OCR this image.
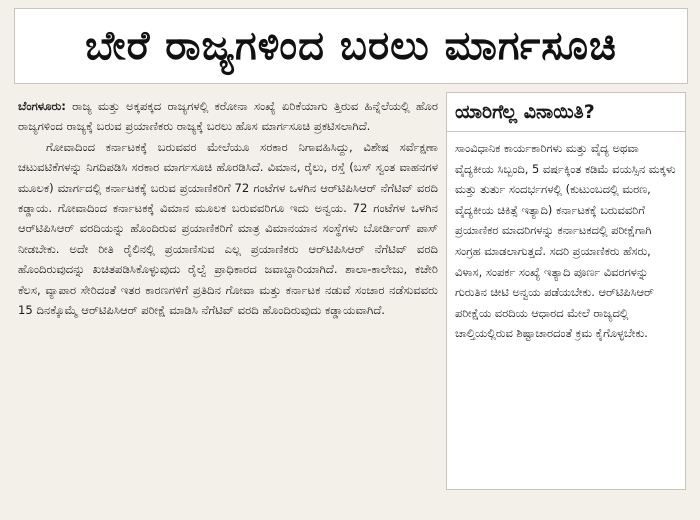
ಬೇರೆ ರಾಜ್ಯಗಳಿಂದ ಬರಲು ಮಾರ್ಗಸೂಚಿ

ಬೆಂಗಳೂರು: ರಾಜ್ಯ ಮತ್ತು ಅಕ್ಕಪಕ್ಕದ ರಾಜ್ಯಗಳಲ್ಲಿ ಕರೋನಾ ಸಂಖ್ಯೆ ಏರಿಕೆಯಾಗು ತ್ತಿರುವ ಹಿನ್ನೆಲೆಯಲ್ಲಿ ಹೊರ ರಾಜ್ಯಗಳಿಂದ ರಾಜ್ಯಕ್ಕೆ ಬರುವ ಪ್ರಯಾಣಿಕರು ರಾಜ್ಯಕ್ಕೆ ಬರಲು ಹೊಸ ಮಾರ್ಗಸೂಚಿ ಪ್ರಕಟಿಸಲಾಗಿದೆ.

ಗೋವಾದಿಂದ ಕರ್ನಾಟಕಕ್ಕೆ ಬರುವವರ ಮೇಲೆಯೂ ಸರಕಾರ ನಿಗಾವಹಿಸಿದ್ದು, ವಿಶೇಷ ಸರ್ವೆಕ್ಷಣಾ ಚಟುವಟಿಕೆಗಳನ್ನು ನಿಗದಿಪಡಿಸಿ ಸರಕಾರ ಮಾರ್ಗಸೂಚಿ ಹೊರಡಿಸಿದೆ. ವಿಮಾನ, ರೈಲು, ರಸ್ತೆ (ಬಸ್ ಸ್ವಂತ ವಾಹನಗಳ ಮೂಲಕ) ಮಾರ್ಗದಲ್ಲಿ ಕರ್ನಾಟಕಕ್ಕೆ ಬರುವ ಪ್ರಯಾಣಿಕರಿಗೆ 72 ಗಂಟೆಗಳ ಒಳಗಿನ ಆರ್‌ಟಿಪಿಸಿಆರ್ ನೆಗೆಟಿವ್ ವರದಿ ಕಡ್ಡಾಯ. ಗೋವಾದಿಂದ ಕರ್ನಾಟಕಕ್ಕೆ ವಿಮಾನ ಮೂಲಕ ಬರುವವರಿಗೂ ಇದು ಅನ್ವಯ. 72 ಗಂಟೆಗಳ ಒಳಗಿನ ಆರ್‌ಟಿಪಿಸಿಆರ್ ವರದಿಯನ್ನು ಹೊಂದಿರುವ ಪ್ರಯಾಣಿಕರಿಗೆ ಮಾತ್ರ ವಿಮಾನಯಾನ ಸಂಸ್ಥೆಗಳು ಬೋರ್ಡಿಂಗ್ ಪಾಸ್ ನೀಡಬೇಕು. ಅದೇ ರೀತಿ ರೈಲಿನಲ್ಲಿ ಪ್ರಯಾಣಿಸುವ ಎಲ್ಲ ಪ್ರಯಾಣಿಕರು ಆರ್‌ಟಿಪಿಸಿಆರ್ ನೆಗೆಟಿವ್ ವರದಿ ಹೊಂದಿರುವುದನ್ನು ಖಚಿತಪಡಿಸಿಕೊಳ್ಳುವುದು ರೈಲ್ವೆ ಪ್ರಾಧಿಕಾರದ ಜವಾಬ್ದಾರಿಯಾಗಿದೆ. ಶಾಲಾ-ಕಾಲೇಜು, ಕಚೇರಿ ಕೆಲಸ, ವ್ಯಾಪಾರ ಸೇರಿದಂತೆ ಇತರ ಕಾರಣಗಳಿಗೆ ಪ್ರತಿದಿನ ಗೋವಾ ಮತ್ತು ಕರ್ನಾಟಕ ನಡುವೆ ಸಂಚಾರ ನಡೆಸುವವರು 15 ದಿನಕ್ಕೊಮ್ಮೆ ಆರ್‌ಟಿಪಿಸಿಆರ್ ಪರೀಕ್ಷೆ ಮಾಡಿಸಿ ನೆಗೆಟಿವ್ ವರದಿ ಹೊಂದಿರುವುದು ಕಡ್ಡಾಯವಾಗಿದೆ.

ಯಾರಿಗೆಲ್ಲ ವಿನಾಯಿತಿ?
ಸಾಂವಿಧಾನಿಕ ಕಾರ್ಯಕಾರಿಗಳು ಮತ್ತು ವೈದ್ಯ ಅಥವಾ ವೈದ್ಯಕೀಯ ಸಿಬ್ಬಂದಿ, 5 ವರ್ಷಕ್ಕಿಂತ ಕಡಿಮೆ ವಯಸ್ಸಿನ ಮಕ್ಕಳು ಮತ್ತು ತುರ್ತು ಸಂದರ್ಭಗಳಲ್ಲಿ (ಕುಟುಂಬದಲ್ಲಿ ಮರಣ, ವೈದ್ಯಕೀಯ ಚಿಕಿತ್ಸೆ ಇತ್ಯಾದಿ) ಕರ್ನಾಟಕಕ್ಕೆ ಬರುವವರಿಗೆ ಪ್ರಯಾಣಿಕರ ಮಾದರಿಗಳನ್ನು ಕರ್ನಾಟಕದಲ್ಲಿ ಪರೀಕ್ಷೆಗಾಗಿ ಸಂಗ್ರಹ ಮಾಡಲಾಗುತ್ತದೆ. ಸದರಿ ಪ್ರಯಾಣಿಕರು ಹೆಸರು, ವಿಳಾಸ, ಸಂಪರ್ಕ ಸಂಖ್ಯೆ ಇತ್ಯಾದಿ ಪೂರ್ಣ ವಿವರಗಳನ್ನು ಗುರುತಿನ ಚೀಟಿ ಅನ್ವಯ ಪಡೆಯಬೇಕು. ಆರ್‌ಟಿಪಿಸಿಆರ್ ಪರೀಕ್ಷೆಯ ವರದಿಯ ಆಧಾರದ ಮೇಲೆ ರಾಜ್ಯದಲ್ಲಿ ಚಾಲ್ತಿಯಲ್ಲಿರುವ ಶಿಷ್ಟಾಚಾರದಂತೆ ಕ್ರಮ ಕೈಗೊಳ್ಳಬೇಕು.
